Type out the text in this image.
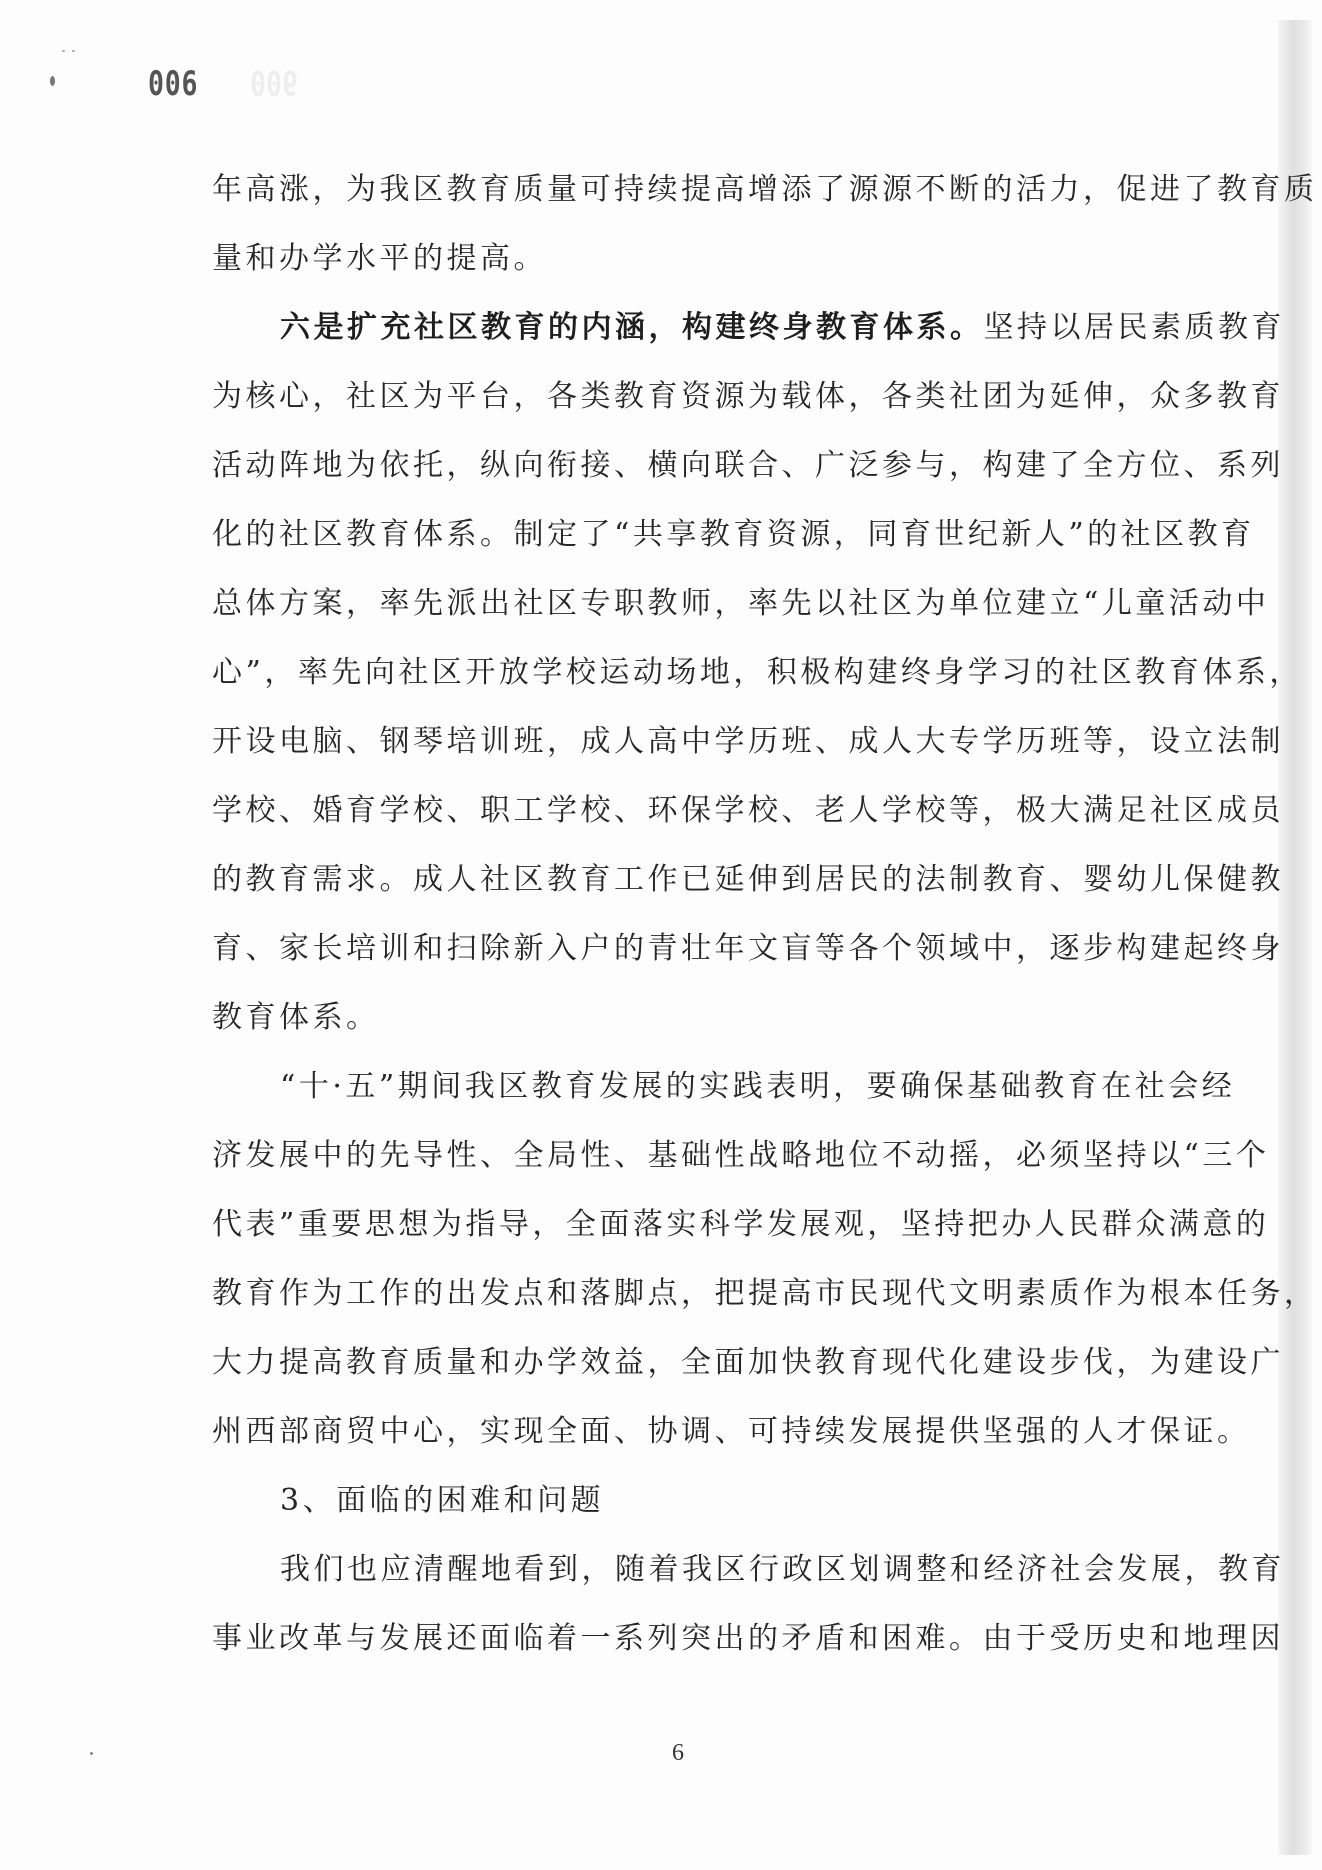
006 006
年高涨，为我区教育质量可持续提高增添了源源不断的活力，促进了教育质
量和办学水平的提高。
六是扩充社区教育的内涵，构建终身教育体系。坚持以居民素质教育
为核心，社区为平台，各类教育资源为载体，各类社团为延伸，众多教育
活动阵地为依托，纵向衔接、横向联合、广泛参与，构建了全方位、系列
化的社区教育体系。制定了“共享教育资源，同育世纪新人”的社区教育
总体方案，率先派出社区专职教师，率先以社区为单位建立“儿童活动中
心”，率先向社区开放学校运动场地，积极构建终身学习的社区教育体系，
开设电脑、钢琴培训班，成人高中学历班、成人大专学历班等，设立法制
学校、婚育学校、职工学校、环保学校、老人学校等，极大满足社区成员
的教育需求。成人社区教育工作已延伸到居民的法制教育、婴幼儿保健教
育、家长培训和扫除新入户的青壮年文盲等各个领域中，逐步构建起终身
教育体系。
“十·五”期间我区教育发展的实践表明，要确保基础教育在社会经
济发展中的先导性、全局性、基础性战略地位不动摇，必须坚持以“三个
代表”重要思想为指导，全面落实科学发展观，坚持把办人民群众满意的
教育作为工作的出发点和落脚点，把提高市民现代文明素质作为根本任务，
大力提高教育质量和办学效益，全面加快教育现代化建设步伐，为建设广
州西部商贸中心，实现全面、协调、可持续发展提供坚强的人才保证。
3、面临的困难和问题
我们也应清醒地看到，随着我区行政区划调整和经济社会发展，教育
事业改革与发展还面临着一系列突出的矛盾和困难。由于受历史和地理因
6
